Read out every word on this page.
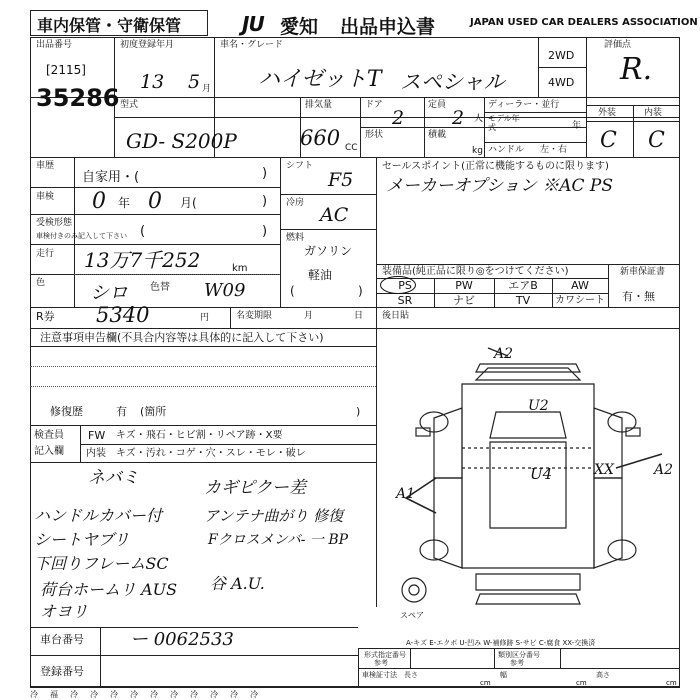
車内保管・守衛保管	JU 愛知 出品申込書	JAPAN USED CAR DEALERS ASSOCIATION
出品番号
[2115]
35286
初度登録年月
13 5 月
車名・グレード
ハイゼットT スペシャル
2WD
4WD
評価点
R.
外装	内装
C C
型式
GD- S200P
排気量
660 CC
ドア
2
定員
2 人
ディーラー・並行
モデル年式	年
形状	積載
kg ハンドル 左・右
車歴
自家用・(	)
車検 0 年 0 月(	)
受検形態
車検付きのみ記入して下さい (	)
走行 13万7千252	km
色 シロ 色替 W09
シフト
F5
冷房
AC
燃料
ガソリン
軽油
(	)
セールスポイント(正常に機能するものに限ります)
メーカーオプション ※AC PS
装備品(純正品に限り◎をつけてください)
PS	PW	エアB	AW
SR	ナビ	TV	カワシート
新車保証書
有・無
R券 5340	円	名変期限	月	日 後日貼
注意事項申告欄(不具合内容等は具体的に記入して下さい)
修復歴	有 (箇所	)
検査員
記入欄
FW キズ・飛石・ヒビ割・リペア跡・X要
内装 キズ・汚れ・コゲ・穴・スレ・モレ・破レ
ネバミ
ハンドルカバー付
シートヤブリ
下回りフレームSC
荷台ホームリ AUS
オヨリ
カギピクー差
アンテナ曲がり 修復
Fクロスメンバ- 一 BP
谷 A.U.
A2
U2
A1
U4	XX	A2
スペア
A-キズ E-エクボ U-凹み W-補修跡 S-サビ C-腐食 XX-交換済
車台番号	ー 0062533
登録番号
形式指定番号
参考
類別区分番号
参考
車検証寸法 長さ
cm
幅
cm
高さ
cm
冷 福 冷 冷 冷 冷 冷 冷 冷 冷 冷 冷
